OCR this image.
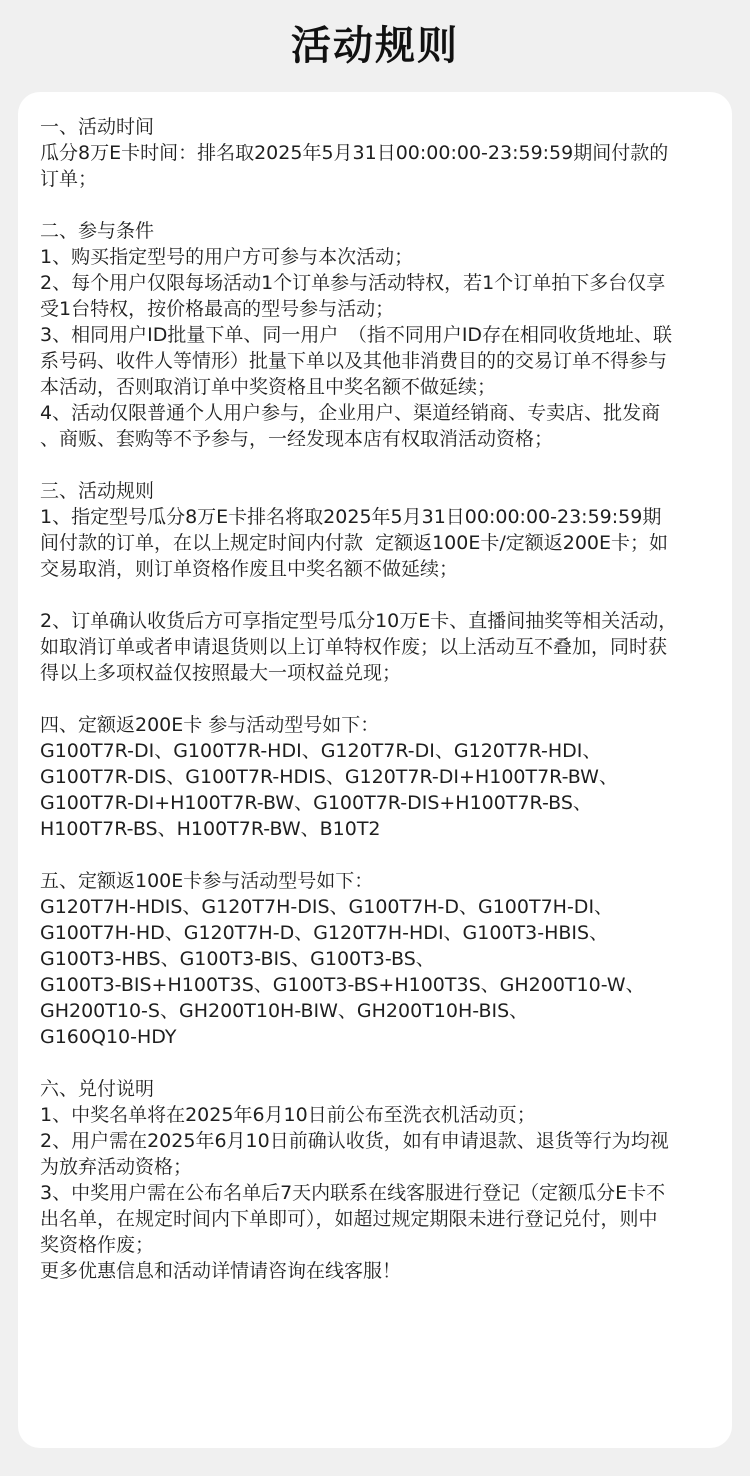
活动规则
一、活动时间
瓜分8万E卡时间：排名取2025年5月31日00:00:00-23:59:59期间付款的
订单；
二、参与条件
1、购买指定型号的用户方可参与本次活动；
2、每个用户仅限每场活动1个订单参与活动特权，若1个订单拍下多台仅享
受1台特权，按价格最高的型号参与活动；
3、相同用户ID批量下单、同一用户　（指不同用户ID存在相同收货地址、联
系号码、收件人等情形）批量下单以及其他非消费目的的交易订单不得参与
本活动，否则取消订单中奖资格且中奖名额不做延续；
4、活动仅限普通个人用户参与，企业用户、渠道经销商、专卖店、批发商
、商贩、套购等不予参与，一经发现本店有权取消活动资格；
三、活动规则
1、指定型号瓜分8万E卡排名将取2025年5月31日00:00:00-23:59:59期
间付款的订单，在以上规定时间内付款  定额返100E卡/定额返200E卡；如
交易取消，则订单资格作废且中奖名额不做延续；
2、订单确认收货后方可享指定型号瓜分10万E卡、直播间抽奖等相关活动，
如取消订单或者申请退货则以上订单特权作废；以上活动互不叠加，同时获
得以上多项权益仅按照最大一项权益兑现；
四、定额返200E卡 参与活动型号如下：
G100T7R-DI、G100T7R-HDI、G120T7R-DI、G120T7R-HDI、
G100T7R-DIS、G100T7R-HDIS、G120T7R-DI+H100T7R-BW、
G100T7R-DI+H100T7R-BW、G100T7R-DIS+H100T7R-BS、
H100T7R-BS、H100T7R-BW、B10T2
五、定额返100E卡参与活动型号如下：
G120T7H-HDIS、G120T7H-DIS、G100T7H-D、G100T7H-DI、
G100T7H-HD、G120T7H-D、G120T7H-HDI、G100T3-HBIS、
G100T3-HBS、G100T3-BIS、G100T3-BS、
G100T3-BIS+H100T3S、G100T3-BS+H100T3S、GH200T10-W、
GH200T10-S、GH200T10H-BIW、GH200T10H-BIS、
G160Q10-HDY
六、兑付说明
1、中奖名单将在2025年6月10日前公布至洗衣机活动页；
2、用户需在2025年6月10日前确认收货，如有申请退款、退货等行为均视
为放弃活动资格；
3、中奖用户需在公布名单后7天内联系在线客服进行登记（定额瓜分E卡不
出名单，在规定时间内下单即可），如超过规定期限未进行登记兑付，则中
奖资格作废；
更多优惠信息和活动详情请咨询在线客服！
